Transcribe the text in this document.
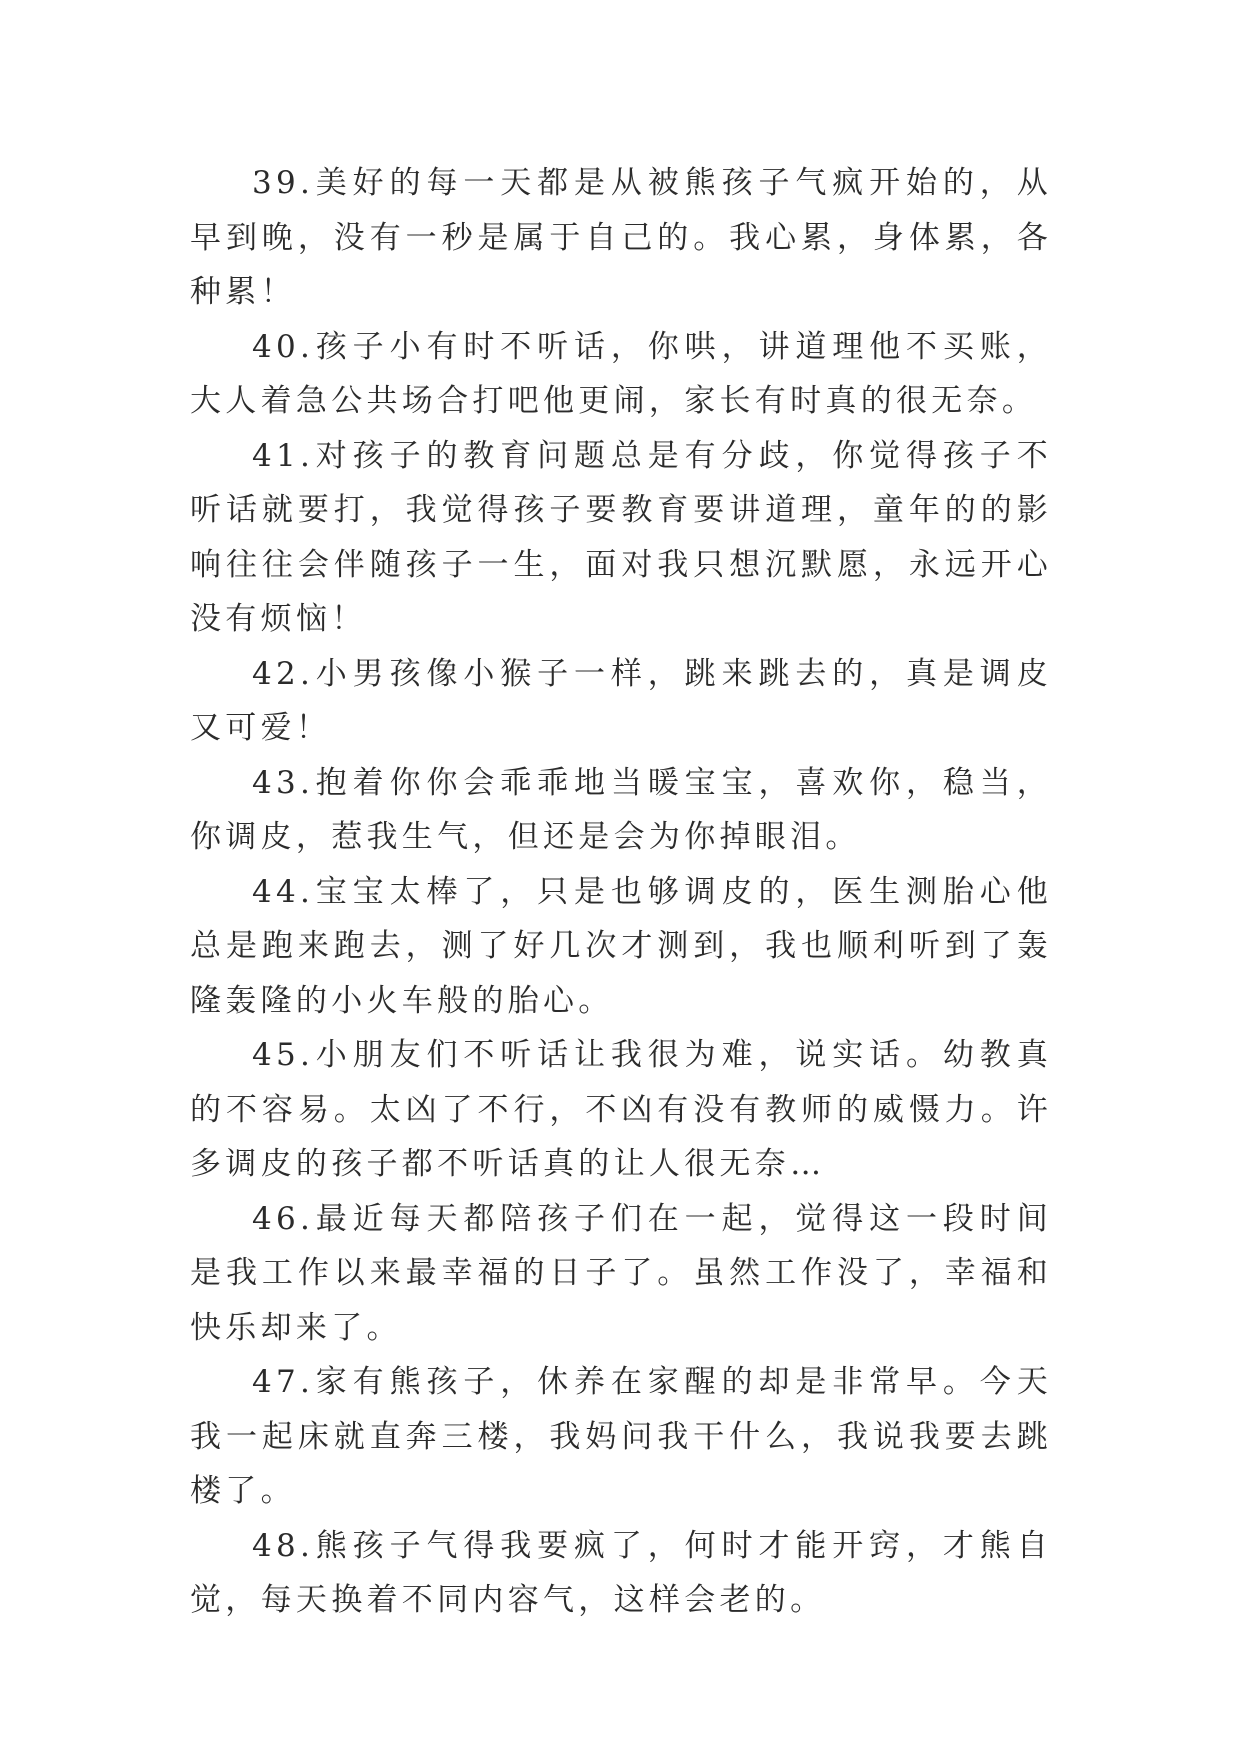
39.美好的每一天都是从被熊孩子气疯开始的，从早到晚，没有一秒是属于自己的。我心累，身体累，各种累！

40.孩子小有时不听话，你哄，讲道理他不买账，大人着急公共场合打吧他更闹，家长有时真的很无奈。

41.对孩子的教育问题总是有分歧，你觉得孩子不听话就要打，我觉得孩子要教育要讲道理，童年的的影响往往会伴随孩子一生，面对我只想沉默愿，永远开心没有烦恼！

42.小男孩像小猴子一样，跳来跳去的，真是调皮又可爱！

43.抱着你你会乖乖地当暖宝宝，喜欢你，稳当，你调皮，惹我生气，但还是会为你掉眼泪。

44.宝宝太棒了，只是也够调皮的，医生测胎心他总是跑来跑去，测了好几次才测到，我也顺利听到了轰隆轰隆的小火车般的胎心。

45.小朋友们不听话让我很为难，说实话。幼教真的不容易。太凶了不行，不凶有没有教师的威慑力。许多调皮的孩子都不听话真的让人很无奈…

46.最近每天都陪孩子们在一起，觉得这一段时间是我工作以来最幸福的日子了。虽然工作没了，幸福和快乐却来了。

47.家有熊孩子，休养在家醒的却是非常早。今天我一起床就直奔三楼，我妈问我干什么，我说我要去跳楼了。

48.熊孩子气得我要疯了，何时才能开窍，才熊自觉，每天换着不同内容气，这样会老的。
